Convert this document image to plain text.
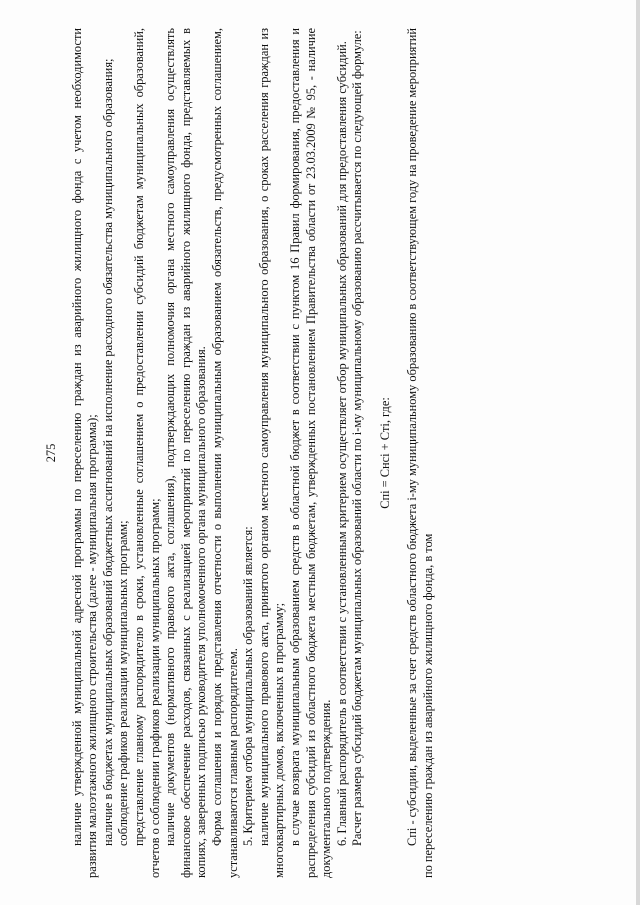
275 наличие утвержденной муниципальной адресной программы по переселению граждан из аварийного жилищного фонда с учетом необходимости развития малоэтажного жилищного строительства (далее - муниципальная программа); наличие в бюджетах муниципальных образований бюджетных ассигнований на исполнение расходного обязательства муниципального образования; соблюдение графиков реализации муниципальных программ; представление главному распорядителю в сроки, установленные соглашением о предоставлении субсидий бюджетам муниципальных образований, отчетов о соблюдении графиков реализации муниципальных программ; наличие документов (нормативного правового акта, соглашения), подтверждающих полномочия органа местного самоуправления осуществлять финансовое обеспечение расходов, связанных с реализацией мероприятий по переселению граждан из аварийного жилищного фонда, представляемых в копиях, заверенных подписью руководителя уполномоченного органа муниципального образования. Форма соглашения и порядок представления отчетности о выполнении муниципальным образованием обязательств, предусмотренных соглашением, устанавливаются главным распорядителем. 5. Критерием отбора муниципальных образований является: наличие муниципального правового акта, принятого органом местного самоуправления муниципального образования, о сроках расселения граждан из многоквартирных домов, включенных в программу; в случае возврата муниципальным образованием средств в областной бюджет в соответствии с пунктом 16 Правил формирования, предоставления и распределения субсидий из областного бюджета местным бюджетам, утвержденных постановлением Правительства области от 23.03.2009 № 95, - наличие документального подтверждения. 6. Главный распорядитель в соответствии с установленным критерием осуществляет отбор муниципальных образований для предоставления субсидий. Расчет размера субсидий бюджетам муниципальных образований области по i-му муниципальному образованию рассчитывается по следующей формуле: Cпi = Cнсi + Cтi, где: Cпi - субсидии, выделенные за счет средств областного бюджета i-му муниципальному образованию в соответствующем году на проведение мероприятий по переселению граждан из аварийного жилищного фонда, в том
